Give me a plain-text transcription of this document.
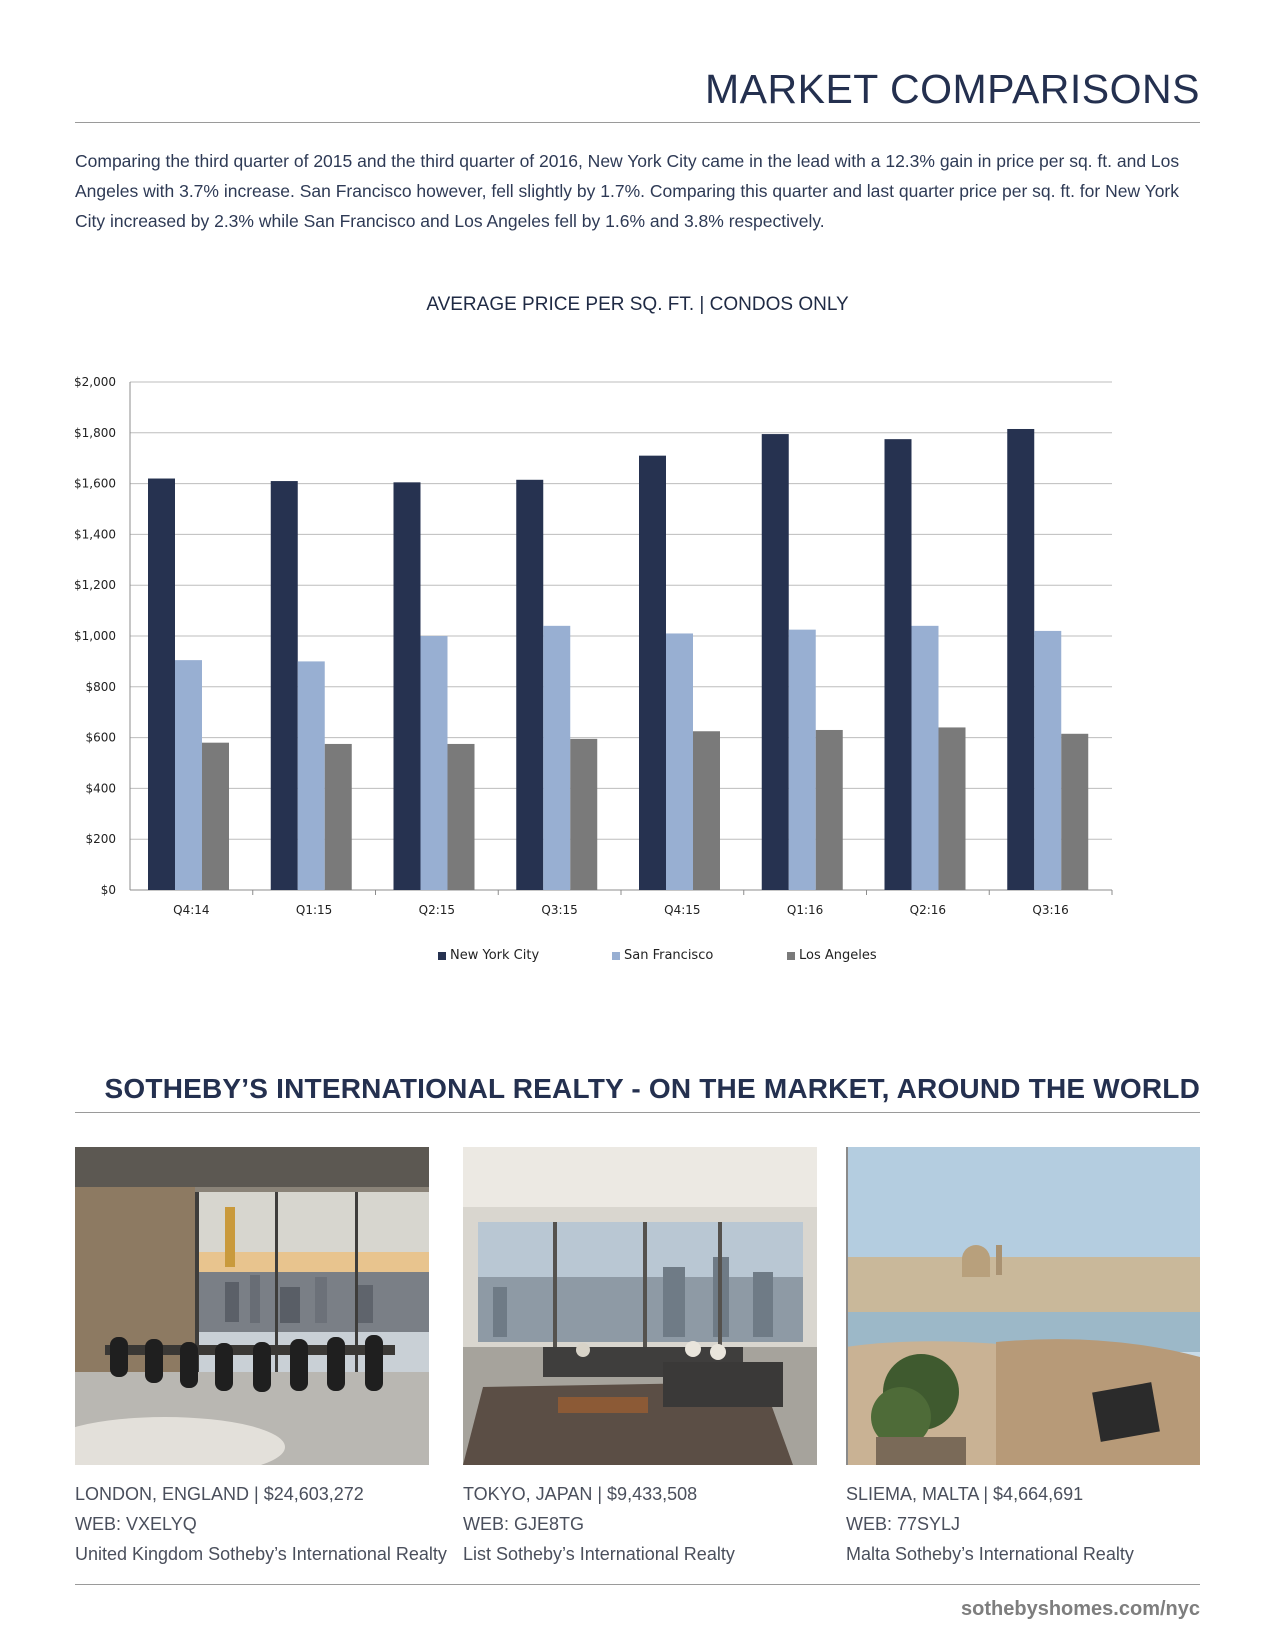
MARKET COMPARISONS

Comparing the third quarter of 2015 and the third quarter of 2016, New York City came in the lead with a 12.3% gain in price per sq. ft. and Los Angeles with 3.7% increase. San Francisco however, fell slightly by 1.7%. Comparing this quarter and last quarter price per sq. ft. for New York City increased by 2.3% while San Francisco and Los Angeles fell by 1.6% and 3.8% respectively.

AVERAGE PRICE PER SQ. FT. | CONDOS ONLY
$0
$200
$400
$600
$800
$1,000
$1,200
$1,400
$1,600
$1,800
$2,000
Q4:14	Q1:15	Q2:15	Q3:15	Q4:15	Q1:16	Q2:16	Q3:16
New York City	San Francisco	Los Angeles
SOTHEBY’S INTERNATIONAL REALTY - ON THE MARKET, AROUND THE WORLD
LONDON, ENGLAND | $24,603,272
WEB: VXELYQ
United Kingdom Sotheby’s International Realty
TOKYO, JAPAN | $9,433,508
WEB: GJE8TG
List Sotheby’s International Realty
SLIEMA, MALTA | $4,664,691
WEB: 77SYLJ
Malta Sotheby’s International Realty
sothebyshomes.com/nyc
